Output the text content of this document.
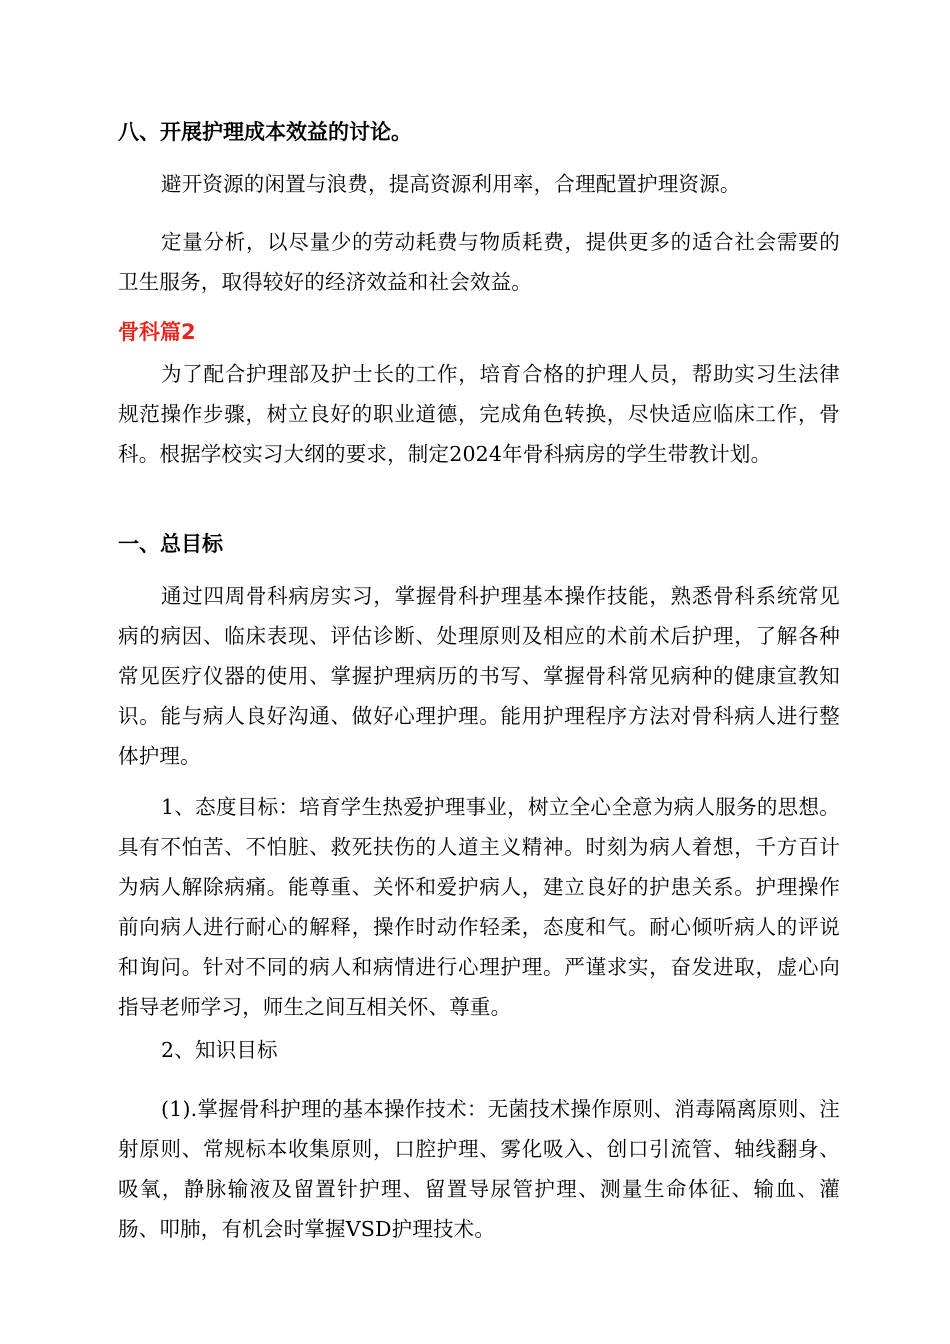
八、开展护理成本效益的讨论。

避开资源的闲置与浪费，提高资源利用率，合理配置护理资源。

定量分析，以尽量少的劳动耗费与物质耗费，提供更多的适合社会需要的卫生服务，取得较好的经济效益和社会效益。

骨科篇2

为了配合护理部及护士长的工作，培育合格的护理人员，帮助实习生法律规范操作步骤，树立良好的职业道德，完成角色转换，尽快适应临床工作，骨科。根据学校实习大纲的要求，制定2024年骨科病房的学生带教计划。

一、总目标

通过四周骨科病房实习，掌握骨科护理基本操作技能，熟悉骨科系统常见病的病因、临床表现、评估诊断、处理原则及相应的术前术后护理，了解各种常见医疗仪器的使用、掌握护理病历的书写、掌握骨科常见病种的健康宣教知识。能与病人良好沟通、做好心理护理。能用护理程序方法对骨科病人进行整体护理。

1、态度目标：培育学生热爱护理事业，树立全心全意为病人服务的思想。具有不怕苦、不怕脏、救死扶伤的人道主义精神。时刻为病人着想，千方百计为病人解除病痛。能尊重、关怀和爱护病人，建立良好的护患关系。护理操作前向病人进行耐心的解释，操作时动作轻柔，态度和气。耐心倾听病人的评说和询问。针对不同的病人和病情进行心理护理。严谨求实，奋发进取，虚心向指导老师学习，师生之间互相关怀、尊重。

2、知识目标

(1).掌握骨科护理的基本操作技术：无菌技术操作原则、消毒隔离原则、注射原则、常规标本收集原则，口腔护理、雾化吸入、创口引流管、轴线翻身、吸氧，静脉输液及留置针护理、留置导尿管护理、测量生命体征、输血、灌肠、叩肺，有机会时掌握VSD护理技术。
